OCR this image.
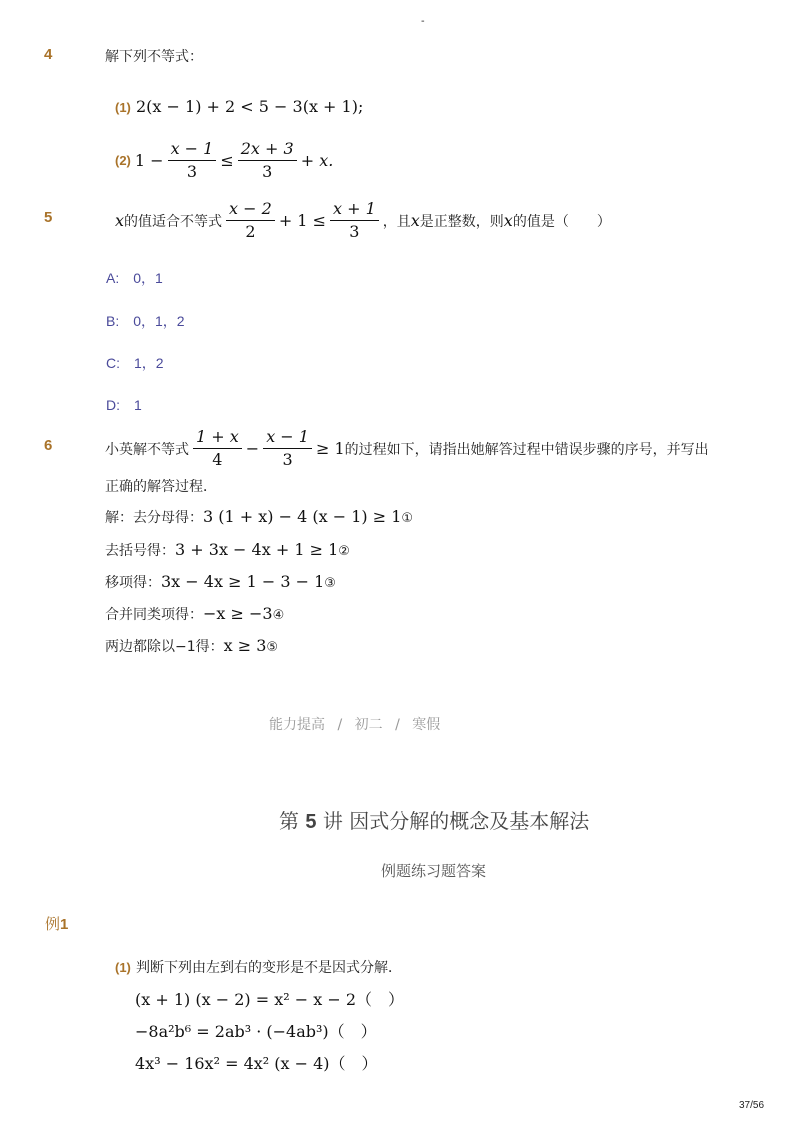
-
4	解下列不等式：
(1) 2(x − 1) + 2 < 5 − 3(x + 1);
(2) $1 - \frac{x - 1}{3} \le \frac{2x + 3}{3} + x$.
5	x 的值适合不等式 $\frac{x - 2}{2} + 1 \le \frac{x + 1}{3}$ ，且 x 是正整数，则 x 的值是（　　）
A:　0，1
B:　0，1，2
C:　1，2
D:　1
6	小英解不等式 $\frac{1 + x}{4} - \frac{x - 1}{3} \ge 1$ 的过程如下，请指出她解答过程中错误步骤的序号，并写出
正确的解答过程．
解：去分母得：3 (1 + x) − 4 (x − 1) ≥ 1①
去括号得：3 + 3x − 4x + 1 ≥ 1②
移项得：3x − 4x ≥ 1 − 3 − 1③
合并同类项得：−x ≥ −3④
两边都除以−1得：x ≥ 3⑤
能力提高 / 初二 / 寒假
第 5 讲 因式分解的概念及基本解法
例题练习题答案
例1
(1) 判断下列由左到右的变形是不是因式分解．
(x + 1) (x − 2) = x² − x − 2（　）
−8a²b⁶ = 2ab³ · (−4ab³)（　）
4x³ − 16x² = 4x² (x − 4)（　）
37/56
